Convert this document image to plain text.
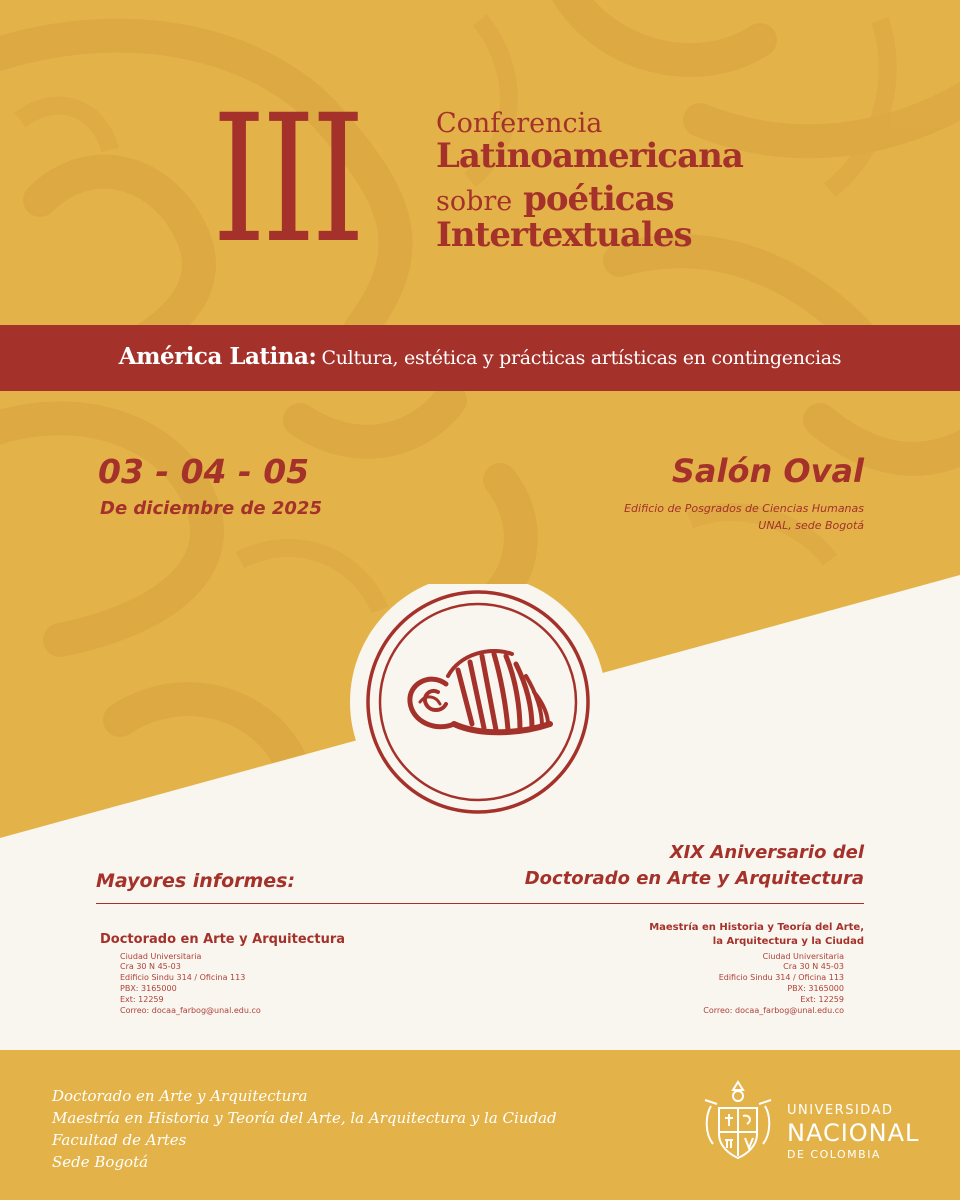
III	Conferencia
Latinoamericana
sobre poéticas
Intertextuales
América Latina: Cultura, estética y prácticas artísticas en contingencias
03 - 04 - 05
De diciembre de 2025
Salón Oval
Edificio de Posgrados de Ciencias Humanas
UNAL, sede Bogotá
Mayores informes:
XIX Aniversario del
Doctorado en Arte y Arquitectura
Doctorado en Arte y Arquitectura
Ciudad Universitaria
Cra 30 N 45-03
Edificio Sindu 314 / Oficina 113
PBX: 3165000
Ext: 12259
Correo: docaa_farbog@unal.edu.co
Maestría en Historia y Teoría del Arte,
la Arquitectura y la Ciudad
Ciudad Universitaria
Cra 30 N 45-03
Edificio Sindu 314 / Oficina 113
PBX: 3165000
Ext: 12259
Correo: docaa_farbog@unal.edu.co
Doctorado en Arte y Arquitectura
Maestría en Historia y Teoría del Arte, la Arquitectura y la Ciudad
Facultad de Artes
Sede Bogotá
UNIVERSIDAD
NACIONAL
DE COLOMBIA
